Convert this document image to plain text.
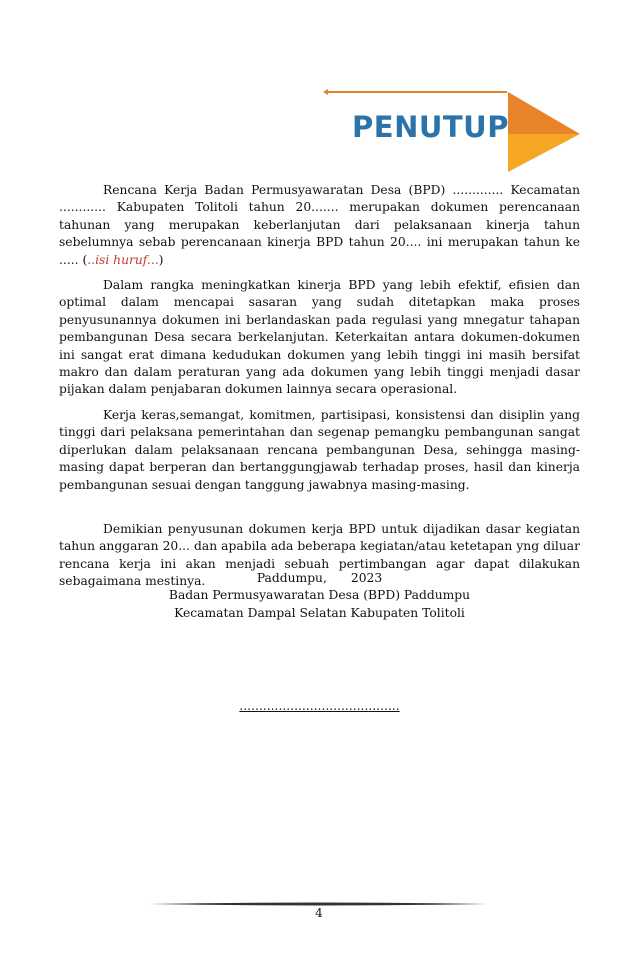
PENUTUP

Rencana Kerja Badan Permusyawaratan Desa (BPD) ............. Kecamatan ............ Kabupaten Tolitoli tahun 20....... merupakan dokumen perencanaan tahunan yang merupakan keberlanjutan dari pelaksanaan kinerja tahun sebelumnya sebab perencanaan kinerja BPD tahun 20.... ini merupakan tahun ke ..... (..isi huruf...)

Dalam rangka meningkatkan kinerja BPD yang lebih efektif, efisien dan optimal dalam mencapai sasaran yang sudah ditetapkan maka proses penyusunannya dokumen ini berlandaskan pada regulasi yang mnegatur tahapan pembangunan Desa secara berkelanjutan. Keterkaitan antara dokumen-dokumen ini sangat erat dimana kedudukan dokumen yang lebih tinggi ini masih bersifat makro dan dalam peraturan yang ada dokumen yang lebih tinggi menjadi dasar pijakan dalam penjabaran dokumen lainnya secara operasional.

Kerja keras,semangat, komitmen, partisipasi, konsistensi dan disiplin yang tinggi dari pelaksana pemerintahan dan segenap pemangku pembangunan sangat diperlukan dalam pelaksanaan rencana pembangunan Desa, sehingga masing-masing dapat berperan dan bertanggungjawab terhadap proses, hasil dan kinerja pembangunan sesuai dengan tanggung jawabnya masing-masing.

Demikian penyusunan dokumen kerja BPD untuk dijadikan dasar kegiatan tahun anggaran 20... dan apabila ada beberapa kegiatan/atau ketetapan yng diluar rencana kerja ini akan menjadi sebuah pertimbangan agar dapat dilakukan sebagaimana mestinya.	Paddumpu, 2023

Badan Permusyawaratan Desa (BPD) Paddumpu

Kecamatan Dampal Selatan Kabupaten Tolitoli

.........................................
4
